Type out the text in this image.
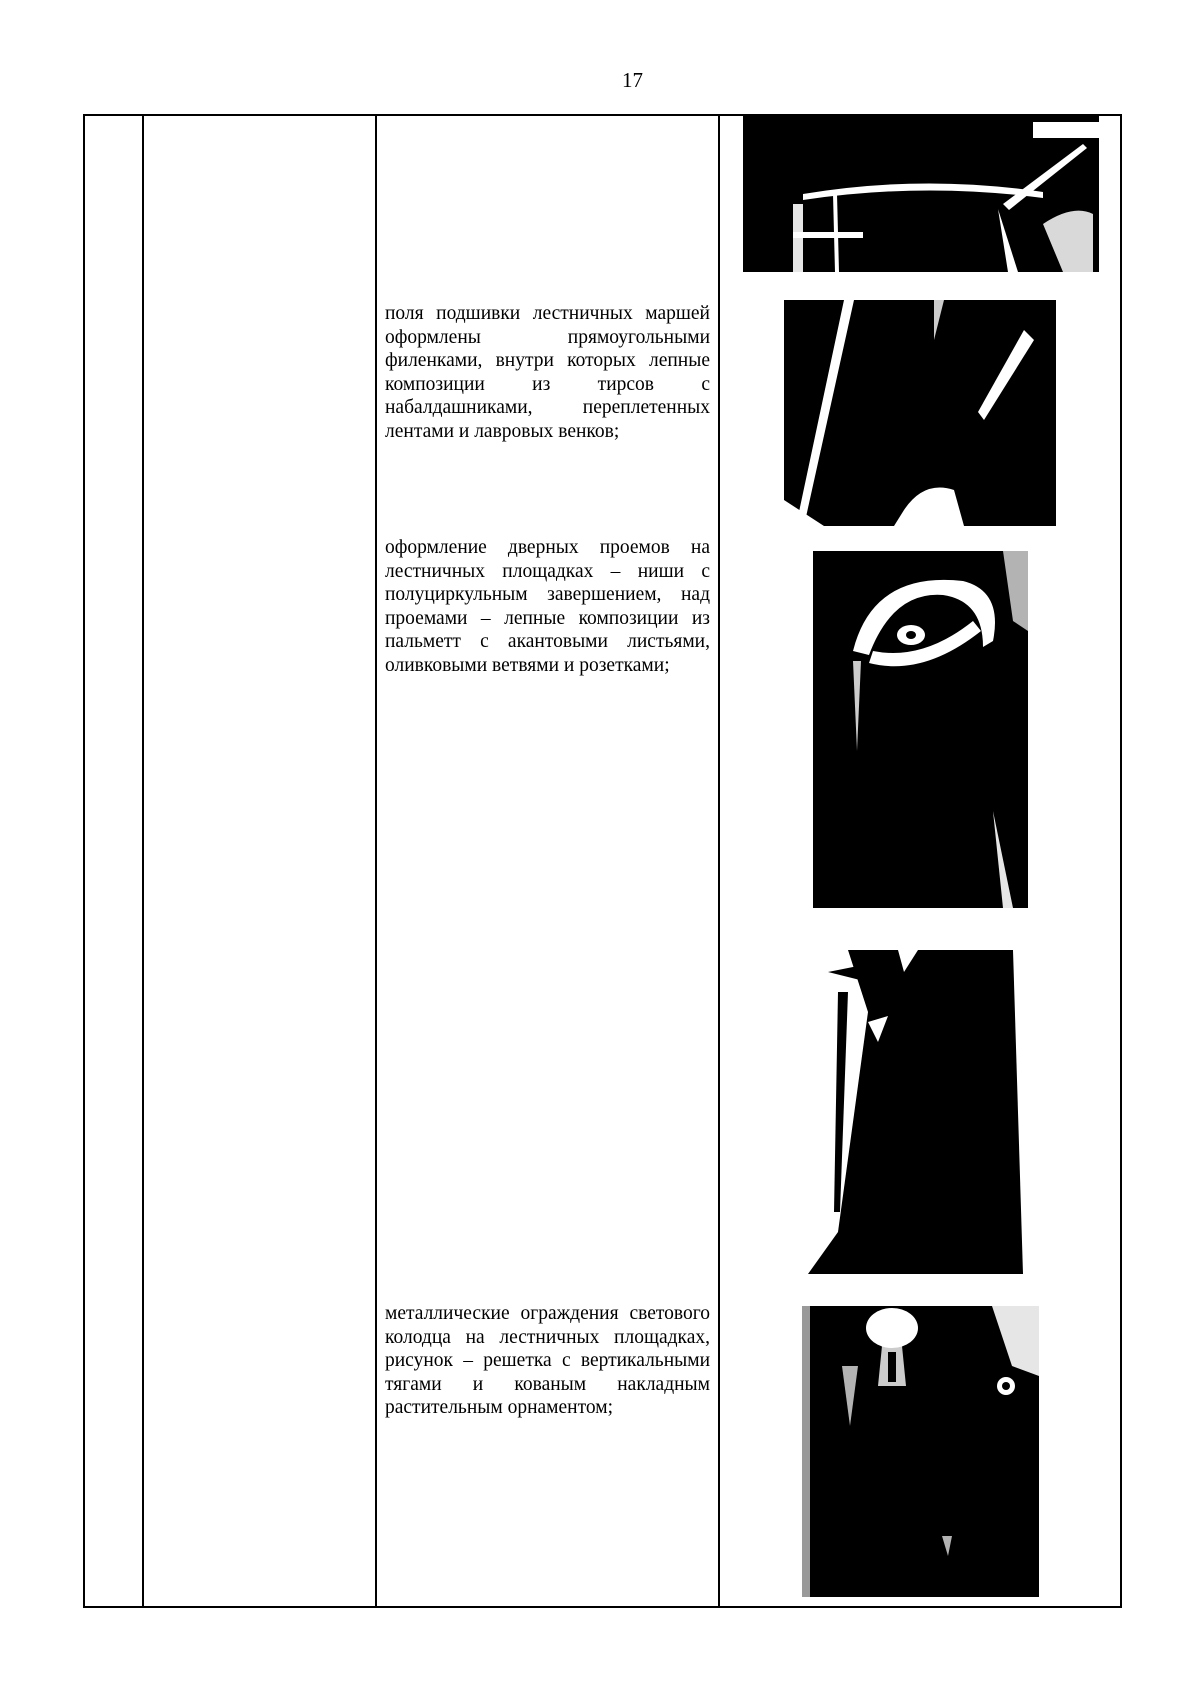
17
поля подшивки лестничных маршей оформлены прямоугольными филенками, внутри которых лепные композиции из тирсов с набалдашниками, переплетенных лентами и лавровых венков;
оформление дверных проемов на лестничных площадках – ниши с полуциркульным завершением, над проемами – лепные композиции из пальметт с акантовыми листьями, оливковыми ветвями и розетками;
металлические ограждения светового колодца на лестничных площадках, рисунок – решетка с вертикальными тягами и кованым накладным растительным орнаментом;
